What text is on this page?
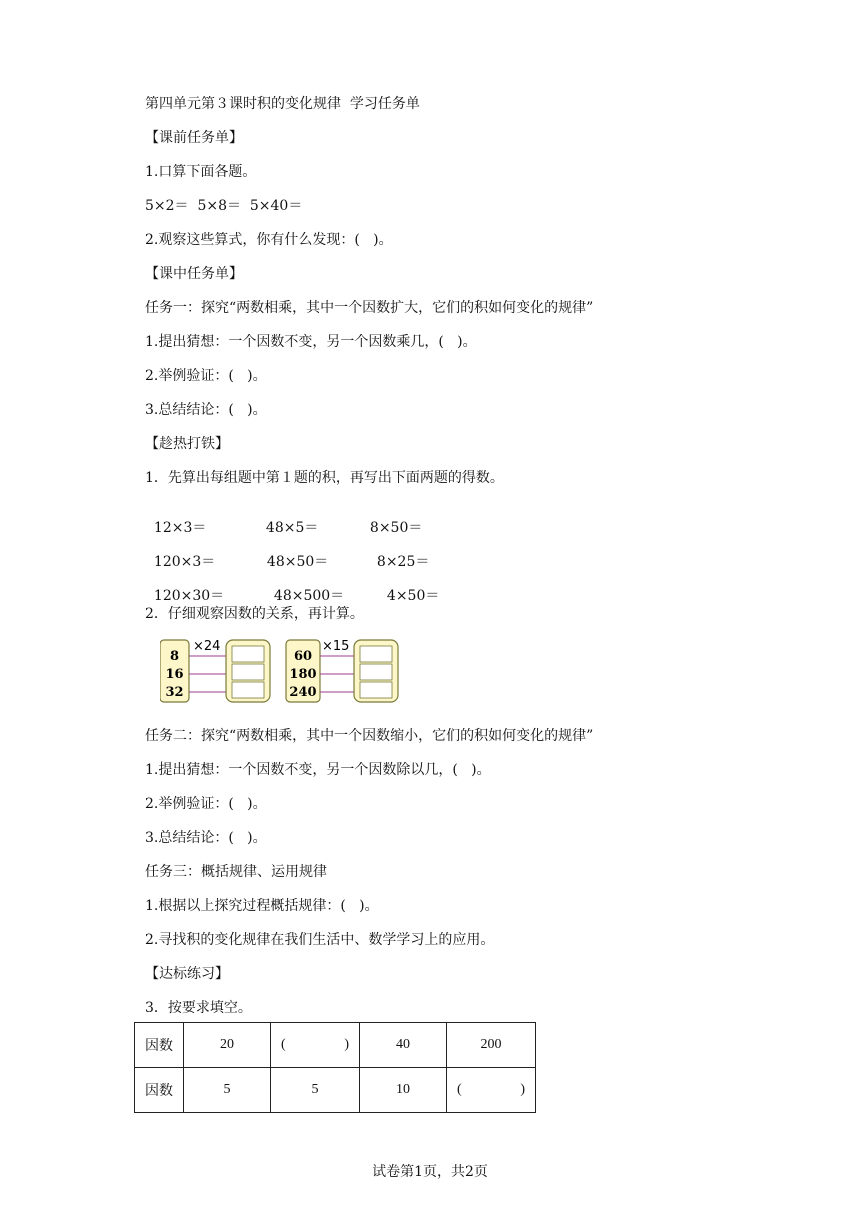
第四单元第３课时积的变化规律  学习任务单
【课前任务单】
1.口算下面各题。
5×2＝  5×8＝  5×40＝
2.观察这些算式，你有什么发现：(   )。
【课中任务单】
任务一：探究“两数相乘，其中一个因数扩大，它们的积如何变化的规律”
1.提出猜想：一个因数不变，另一个因数乘几，(   )。
2.举例验证：(   )。
3.总结结论：(   )。
【趁热打铁】
1．先算出每组题中第１题的积，再写出下面两题的得数。

12×3＝	48×5＝	8×50＝

120×3＝	48×50＝	8×25＝

120×30＝	48×500＝	4×50＝

2．仔细观察因数的关系，再计算。
8
16
32
×24
60
180
240
×15
任务二：探究“两数相乘，其中一个因数缩小，它们的积如何变化的规律”
1.提出猜想：一个因数不变，另一个因数除以几，(   )。
2.举例验证：(   )。
3.总结结论：(   )。
任务三：概括规律、运用规律
1.根据以上探究过程概括规律：(   )。
2.寻找积的变化规律在我们生活中、数学学习上的应用。
【达标练习】
3．按要求填空。
因数	20	( )	40	200
因数	5	5	10	( )
试卷第1页，共2页
